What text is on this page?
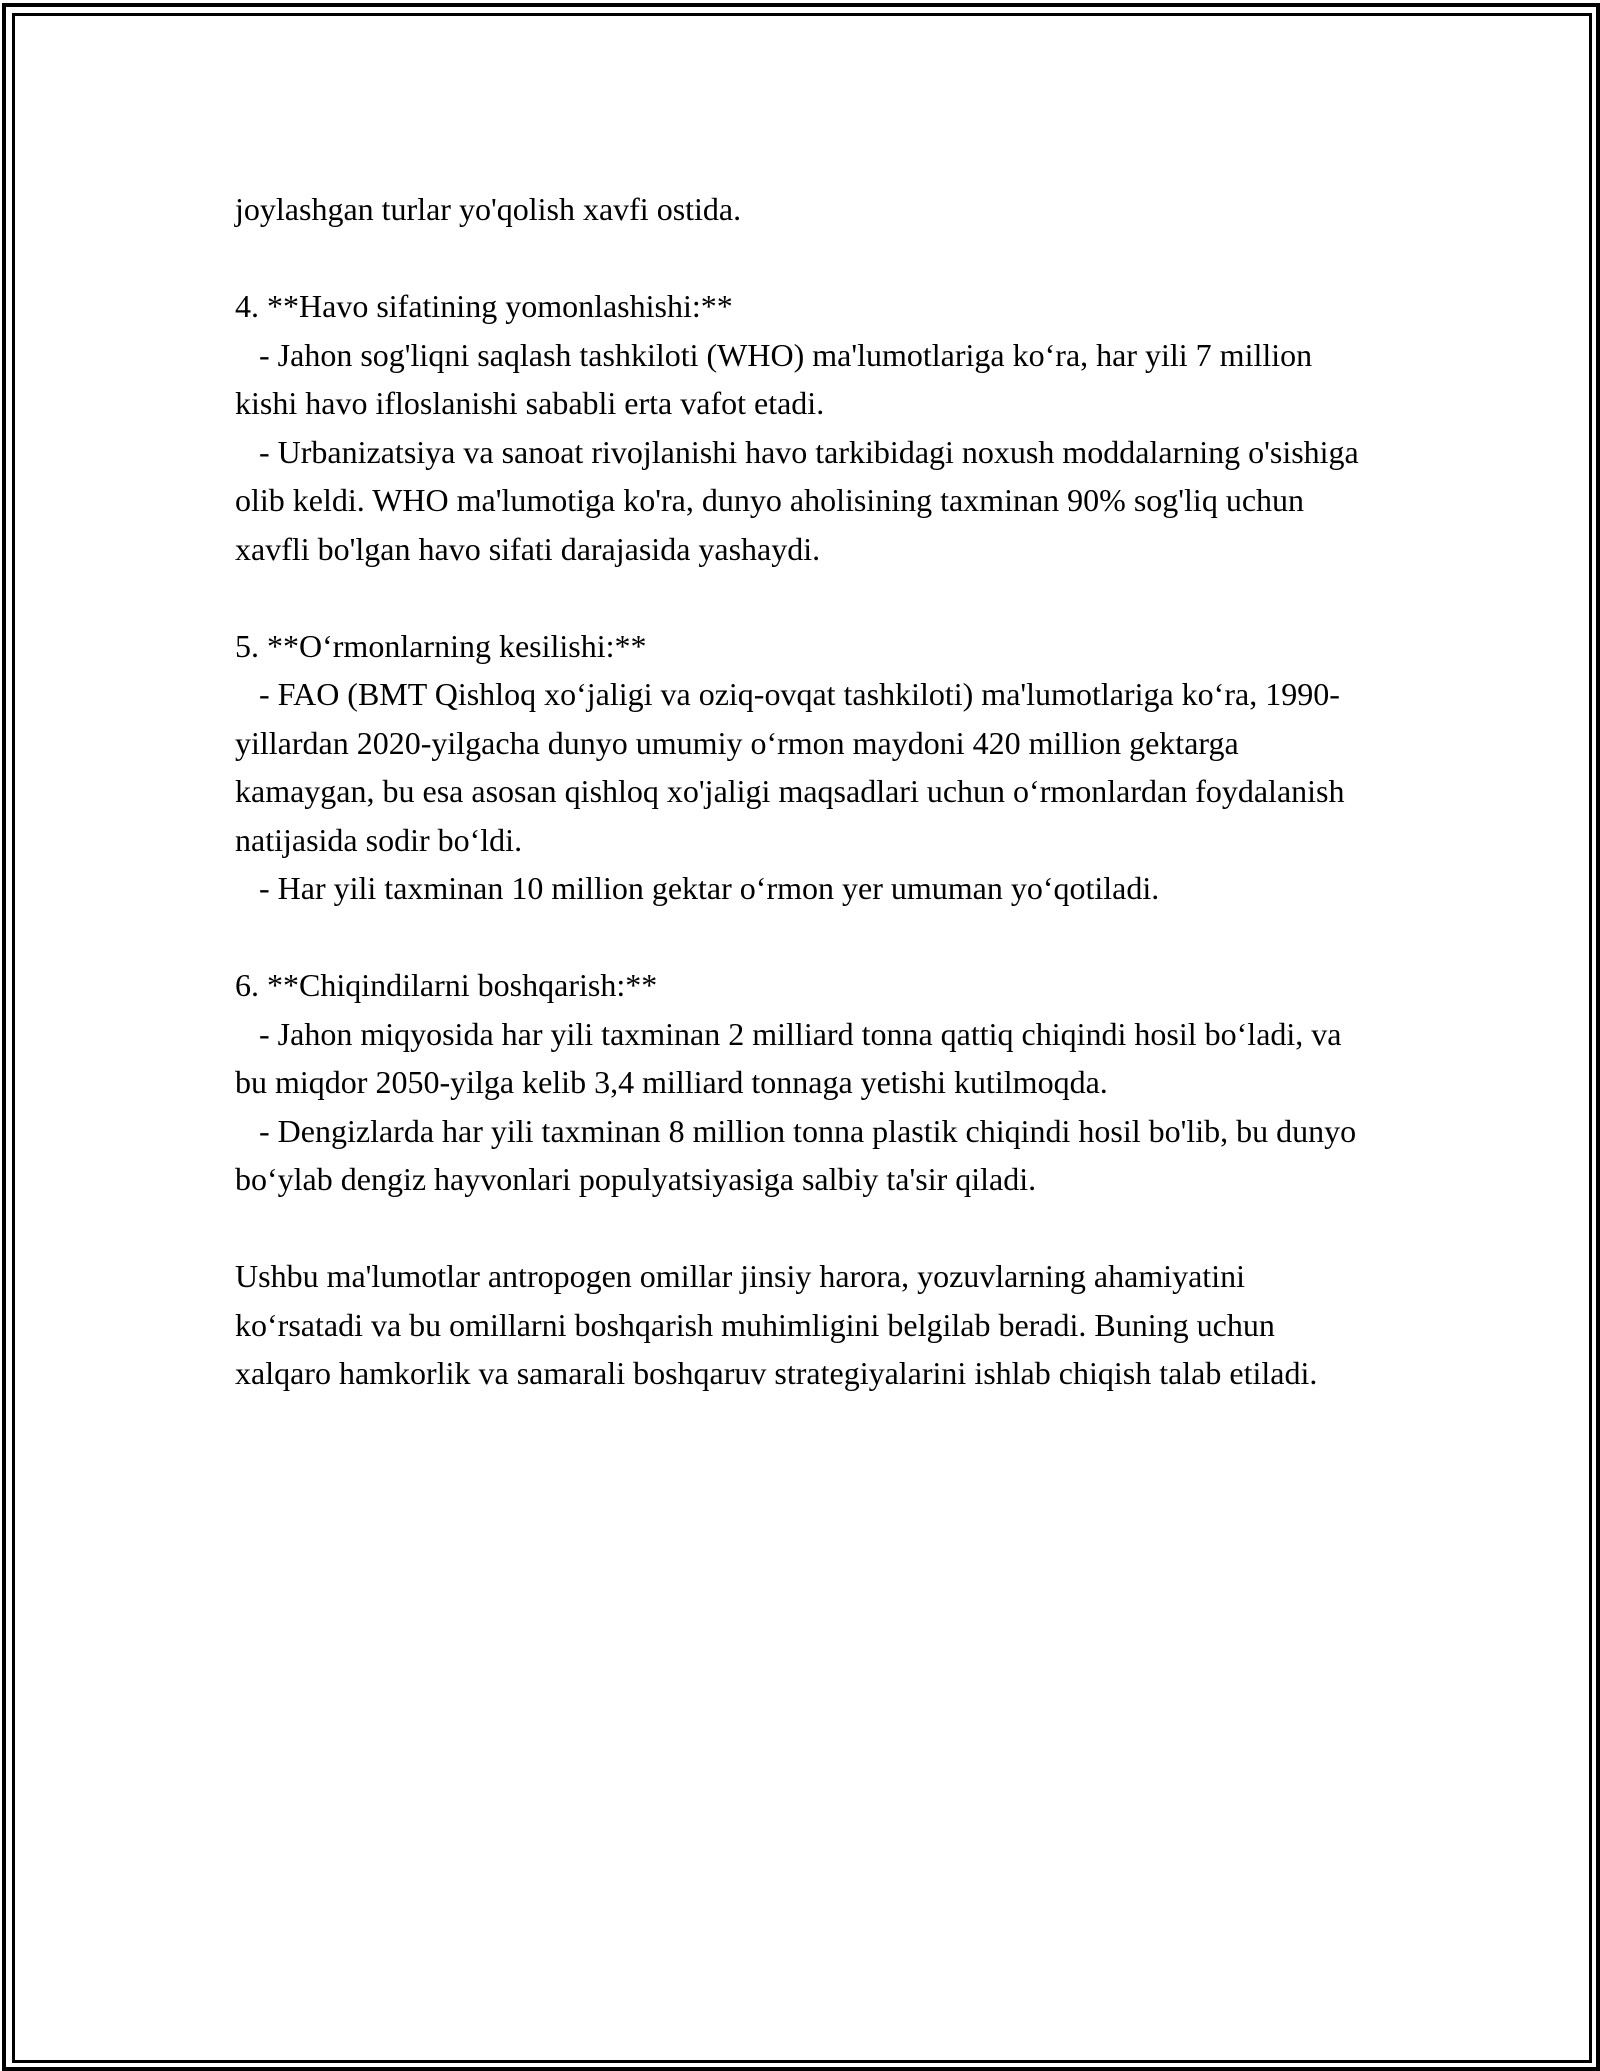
joylashgan turlar yo'qolish xavfi ostida.

4. **Havo sifatining yomonlashishi:**

- Jahon sog'liqni saqlash tashkiloti (WHO) ma'lumotlariga ko‘ra, har yili 7 million kishi havo ifloslanishi sababli erta vafot etadi.

- Urbanizatsiya va sanoat rivojlanishi havo tarkibidagi noxush moddalarning o'sishiga olib keldi. WHO ma'lumotiga ko'ra, dunyo aholisining taxminan 90% sog'liq uchun xavfli bo'lgan havo sifati darajasida yashaydi.

5. **O‘rmonlarning kesilishi:**

- FAO (BMT Qishloq xo‘jaligi va oziq-ovqat tashkiloti) ma'lumotlariga ko‘ra, 1990-yillardan 2020-yilgacha dunyo umumiy o‘rmon maydoni 420 million gektarga kamaygan, bu esa asosan qishloq xo'jaligi maqsadlari uchun o‘rmonlardan foydalanish natijasida sodir bo‘ldi.

- Har yili taxminan 10 million gektar o‘rmon yer umuman yo‘qotiladi.

6. **Chiqindilarni boshqarish:**

- Jahon miqyosida har yili taxminan 2 milliard tonna qattiq chiqindi hosil bo‘ladi, va bu miqdor 2050-yilga kelib 3,4 milliard tonnaga yetishi kutilmoqda.

- Dengizlarda har yili taxminan 8 million tonna plastik chiqindi hosil bo'lib, bu dunyo bo‘ylab dengiz hayvonlari populyatsiyasiga salbiy ta'sir qiladi.

Ushbu ma'lumotlar antropogen omillar jinsiy harora, yozuvlarning ahamiyatini ko‘rsatadi va bu omillarni boshqarish muhimligini belgilab beradi. Buning uchun xalqaro hamkorlik va samarali boshqaruv strategiyalarini ishlab chiqish talab etiladi.
